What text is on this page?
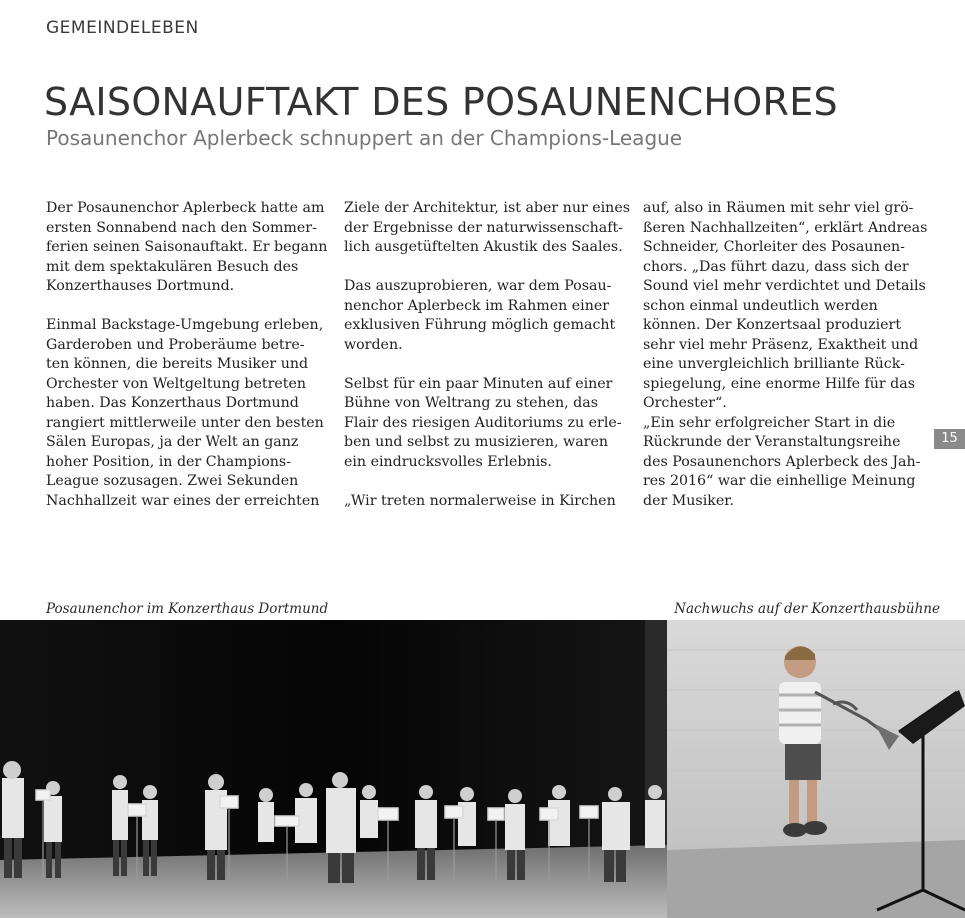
GEMEINDELEBEN
SAISONAUFTAKT DES POSAUNENCHORES
Posaunenchor Aplerbeck schnuppert an der Champions-League

Der Posaunenchor Aplerbeck hatte am
ersten Sonnabend nach den Sommer-
ferien seinen Saisonauftakt. Er begann
mit dem spektakulären Besuch des
Konzerthauses Dortmund.

Einmal Backstage-Umgebung erleben,
Garderoben und Proberäume betre-
ten können, die bereits Musiker und
Orchester von Weltgeltung betreten
haben. Das Konzerthaus Dortmund
rangiert mittlerweile unter den besten
Sälen Europas, ja der Welt an ganz
hoher Position, in der Champions-
League sozusagen. Zwei Sekunden
Nachhallzeit war eines der erreichten

Ziele der Architektur, ist aber nur eines
der Ergebnisse der naturwissenschaft-
lich ausgetüftelten Akustik des Saales.

Das auszuprobieren, war dem Posau-
nenchor Aplerbeck im Rahmen einer
exklusiven Führung möglich gemacht
worden.

Selbst für ein paar Minuten auf einer
Bühne von Weltrang zu stehen, das
Flair des riesigen Auditoriums zu erle-
ben und selbst zu musizieren, waren
ein eindrucksvolles Erlebnis.

„Wir treten normalerweise in Kirchen

auf, also in Räumen mit sehr viel grö-
ßeren Nachhallzeiten“, erklärt Andreas
Schneider, Chorleiter des Posaunen-
chors. „Das führt dazu, dass sich der
Sound viel mehr verdichtet und Details
schon einmal undeutlich werden
können. Der Konzertsaal produziert
sehr viel mehr Präsenz, Exaktheit und
eine unvergleichlich brilliante Rück-
spiegelung, eine enorme Hilfe für das
Orchester“.
„Ein sehr erfolgreicher Start in die
Rückrunde der Veranstaltungsreihe
des Posaunenchors Aplerbeck des Jah-
res 2016“ war die einhellige Meinung
der Musiker.

15
Posaunenchor im Konzerthaus Dortmund	Nachwuchs auf der Konzerthausbühne
